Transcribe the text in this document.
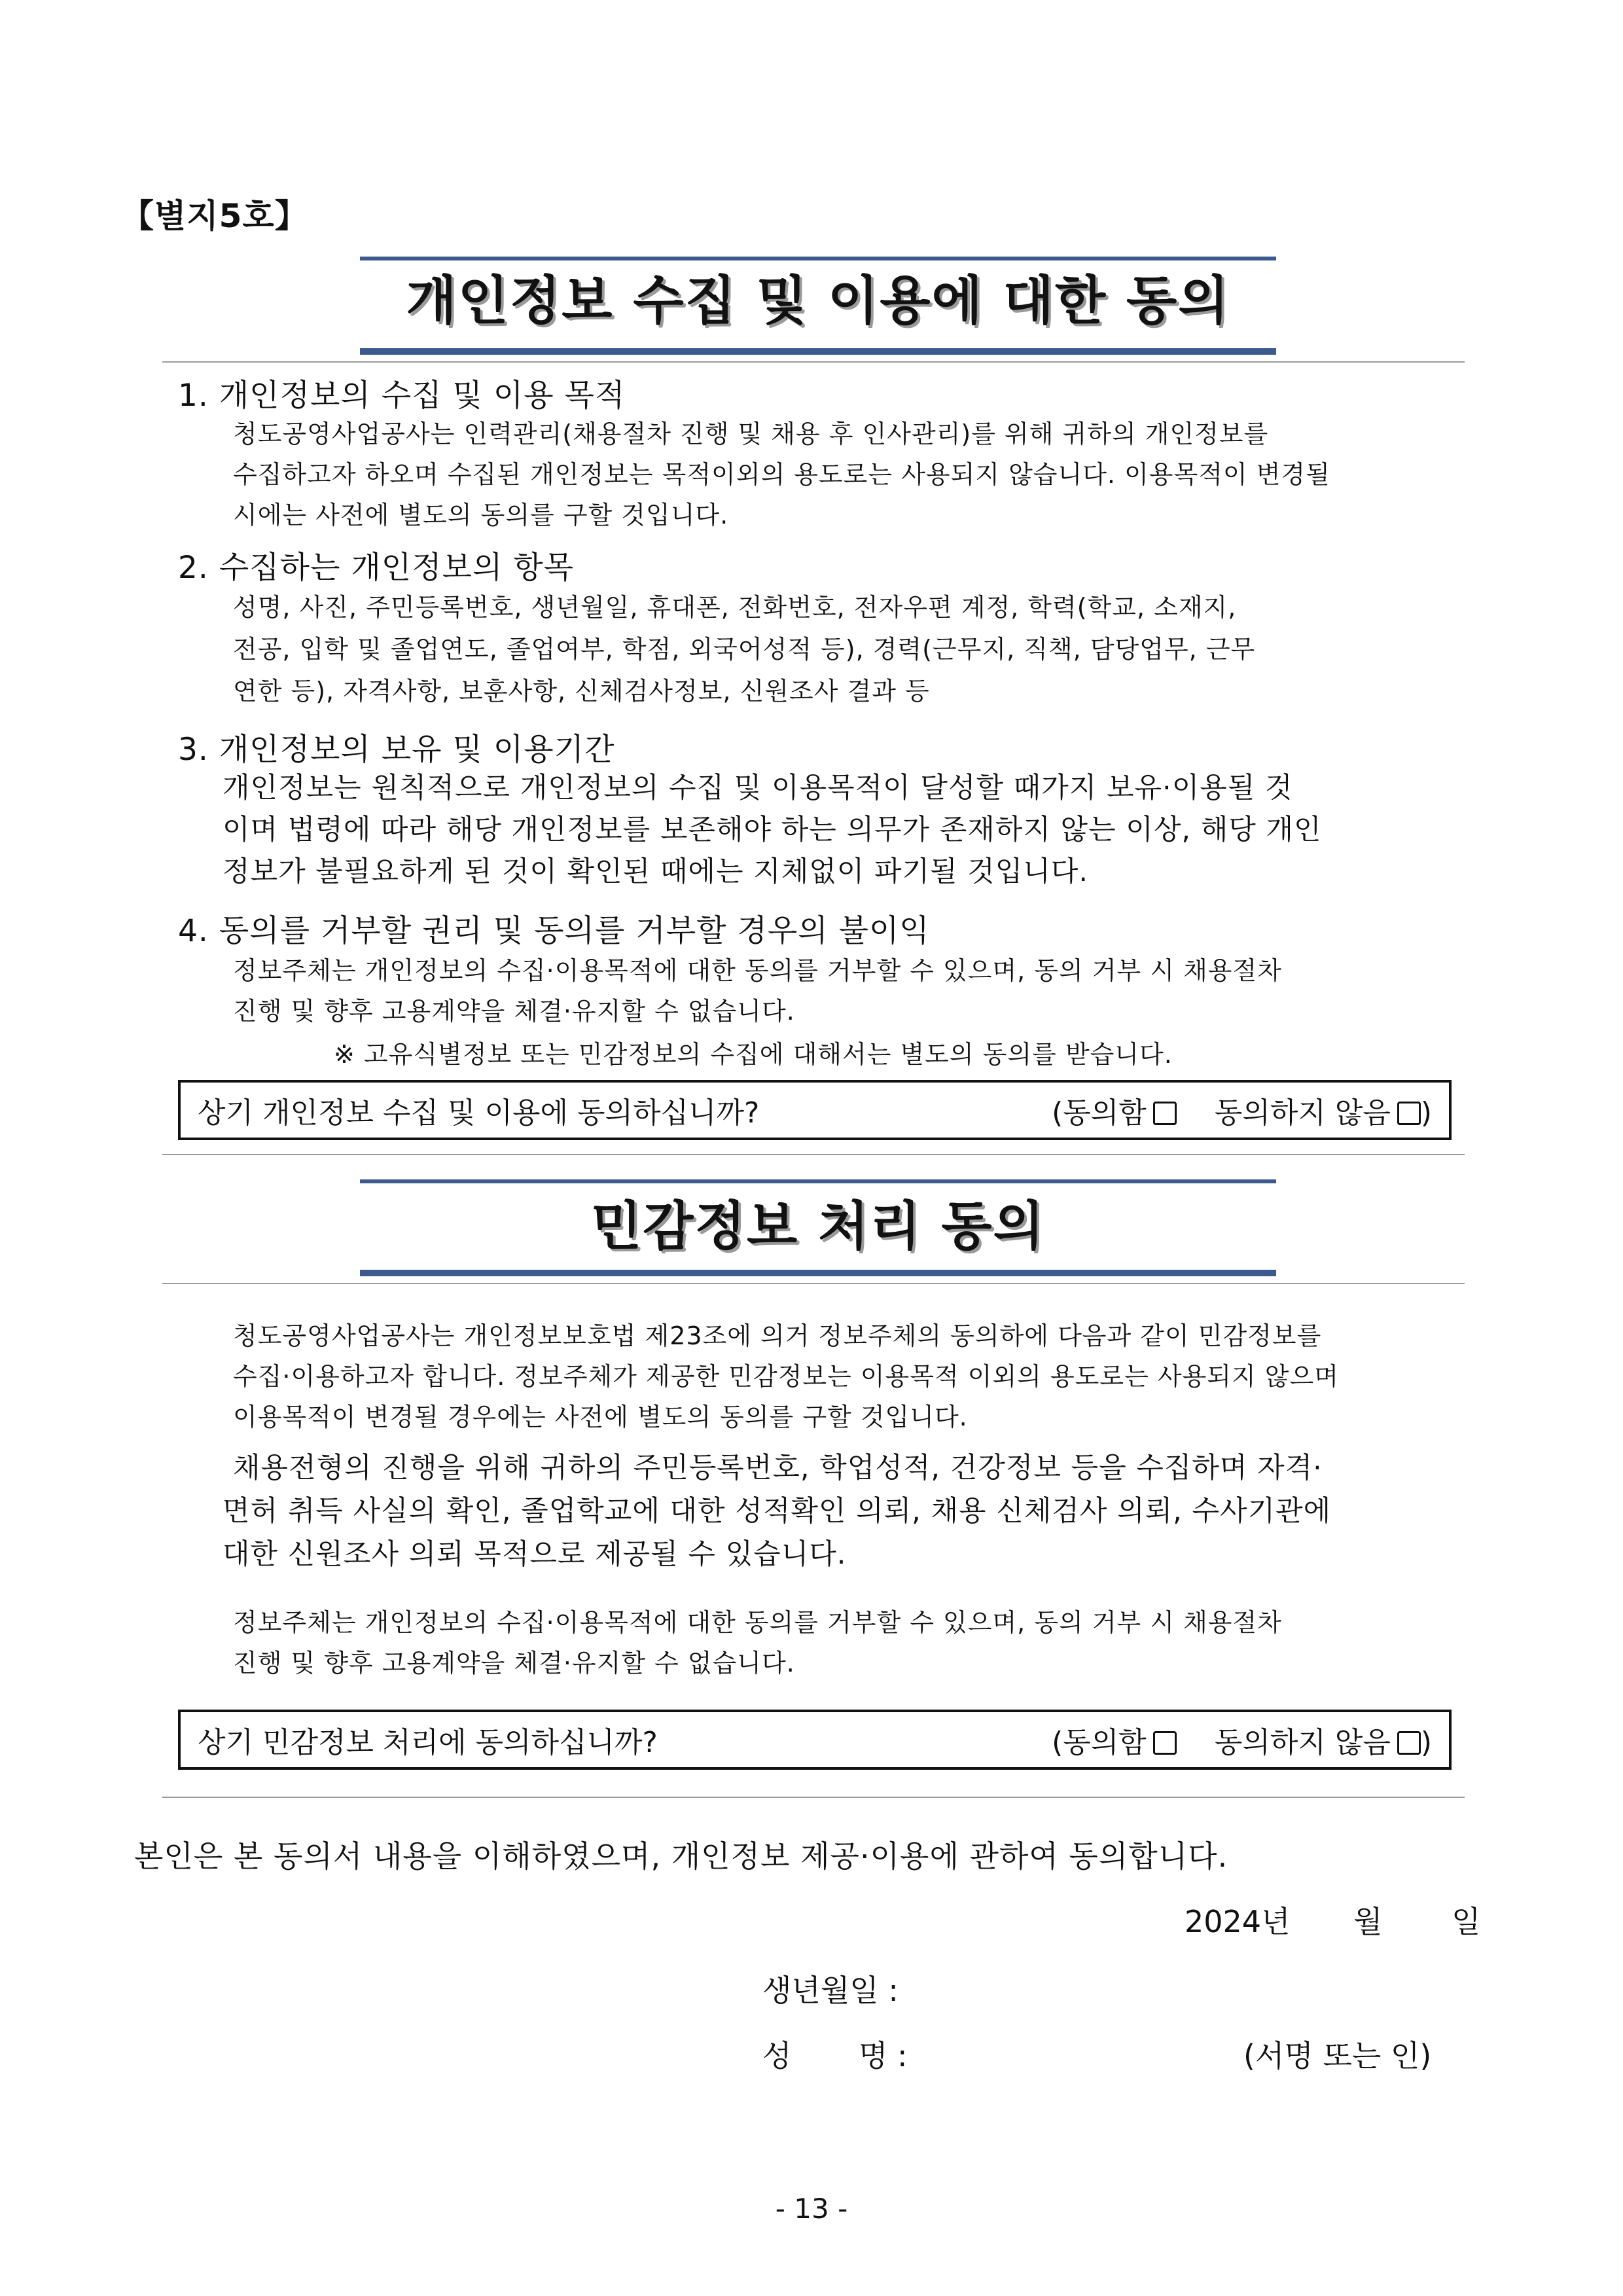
【별지5호】
개인정보 수집 및 이용에 대한 동의
1. 개인정보의 수집 및 이용 목적
청도공영사업공사는 인력관리(채용절차 진행 및 채용 후 인사관리)를 위해 귀하의 개인정보를
수집하고자 하오며 수집된 개인정보는 목적이외의 용도로는 사용되지 않습니다. 이용목적이 변경될
시에는 사전에 별도의 동의를 구할 것입니다.
2. 수집하는 개인정보의 항목
성명, 사진, 주민등록번호, 생년월일, 휴대폰, 전화번호, 전자우편 계정, 학력(학교, 소재지,
전공, 입학 및 졸업연도, 졸업여부, 학점, 외국어성적 등), 경력(근무지, 직책, 담당업무, 근무
연한 등), 자격사항, 보훈사항, 신체검사정보, 신원조사 결과 등
3. 개인정보의 보유 및 이용기간
개인정보는 원칙적으로 개인정보의 수집 및 이용목적이 달성할 때가지 보유·이용될 것
이며 법령에 따라 해당 개인정보를 보존해야 하는 의무가 존재하지 않는 이상, 해당 개인
정보가 불필요하게 된 것이 확인된 때에는 지체없이 파기될 것입니다.
4. 동의를 거부할 권리 및 동의를 거부할 경우의 불이익
정보주체는 개인정보의 수집·이용목적에 대한 동의를 거부할 수 있으며, 동의 거부 시 채용절차
진행 및 향후 고용계약을 체결·유지할 수 없습니다.
※ 고유식별정보 또는 민감정보의 수집에 대해서는 별도의 동의를 받습니다.
상기 개인정보 수집 및 이용에 동의하십니까?	(동의함 동의하지 않음 )
민감정보 처리 동의
청도공영사업공사는 개인정보보호법 제23조에 의거 정보주체의 동의하에 다음과 같이 민감정보를
수집·이용하고자 합니다. 정보주체가 제공한 민감정보는 이용목적 이외의 용도로는 사용되지 않으며
이용목적이 변경될 경우에는 사전에 별도의 동의를 구할 것입니다.
채용전형의 진행을 위해 귀하의 주민등록번호, 학업성적, 건강정보 등을 수집하며 자격·
면허 취득 사실의 확인, 졸업학교에 대한 성적확인 의뢰, 채용 신체검사 의뢰, 수사기관에
대한 신원조사 의뢰 목적으로 제공될 수 있습니다.
정보주체는 개인정보의 수집·이용목적에 대한 동의를 거부할 수 있으며, 동의 거부 시 채용절차
진행 및 향후 고용계약을 체결·유지할 수 없습니다.
상기 민감정보 처리에 동의하십니까?	(동의함 동의하지 않음 )
본인은 본 동의서 내용을 이해하였으며, 개인정보 제공·이용에 관하여 동의합니다.
2024년 월 일
생년월일 :
성 명 :	(서명 또는 인)
- 13 -
